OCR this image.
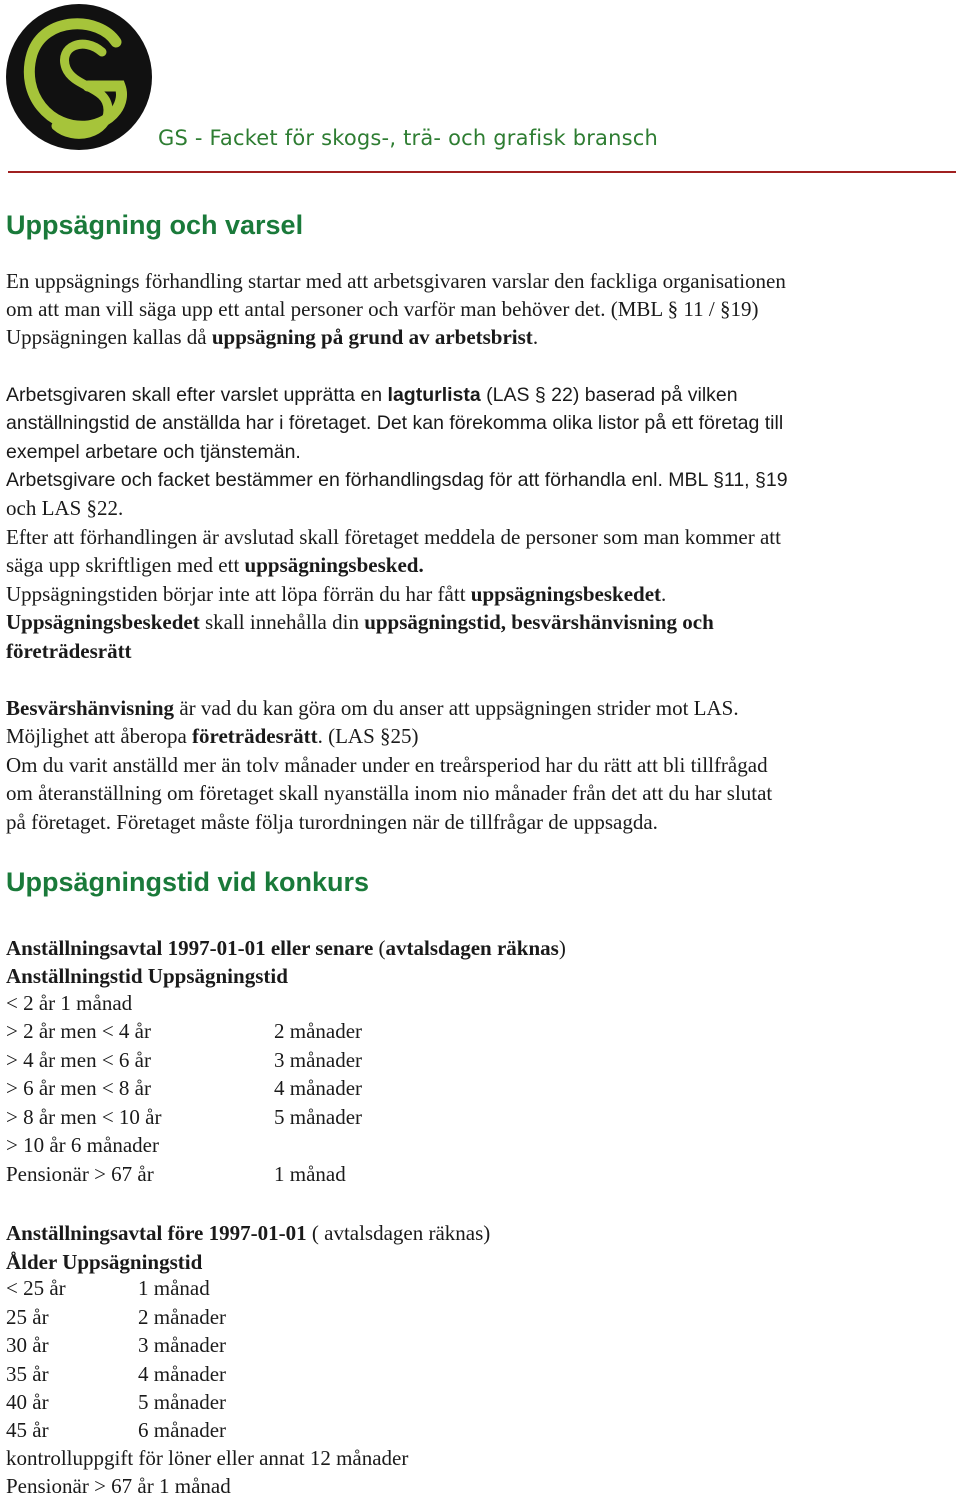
GS - Facket för skogs-, trä- och grafisk bransch
Uppsägning och varsel
En uppsägnings förhandling startar med att arbetsgivaren varslar den fackliga organisationen
om att man vill säga upp ett antal personer och varför man behöver det. (MBL § 11 / §19)
Uppsägningen kallas då uppsägning på grund av arbetsbrist.
Arbetsgivaren skall efter varslet upprätta en lagturlista (LAS § 22) baserad på vilken
anställningstid de anställda har i företaget. Det kan förekomma olika listor på ett företag till
exempel arbetare och tjänstemän.
Arbetsgivare och facket bestämmer en förhandlingsdag för att förhandla enl. MBL §11, §19
och LAS §22.
Efter att förhandlingen är avslutad skall företaget meddela de personer som man kommer att
säga upp skriftligen med ett uppsägningsbesked.
Uppsägningstiden börjar inte att löpa förrän du har fått uppsägningsbeskedet.
Uppsägningsbeskedet skall innehålla din uppsägningstid, besvärshänvisning och
företrädesrätt
Besvärshänvisning är vad du kan göra om du anser att uppsägningen strider mot LAS.
Möjlighet att åberopa företrädesrätt. (LAS §25)
Om du varit anställd mer än tolv månader under en treårsperiod har du rätt att bli tillfrågad
om återanställning om företaget skall nyanställa inom nio månader från det att du har slutat
på företaget. Företaget måste följa turordningen när de tillfrågar de uppsagda.
Uppsägningstid vid konkurs
Anställningsavtal 1997-01-01 eller senare (avtalsdagen räknas)
Anställningstid Uppsägningstid
< 2 år 1 månad
> 2 år men < 4 år	2 månader
> 4 år men < 6 år	3 månader
> 6 år men < 8 år	4 månader
> 8 år men < 10 år	5 månader
> 10 år 6 månader
Pensionär > 67 år	1 månad
Anställningsavtal före 1997-01-01 ( avtalsdagen räknas)
Ålder Uppsägningstid
< 25 år	1 månad
25 år	2 månader
30 år	3 månader
35 år	4 månader
40 år	5 månader
45 år	6 månader
kontrolluppgift för löner eller annat 12 månader
Pensionär > 67 år 1 månad
